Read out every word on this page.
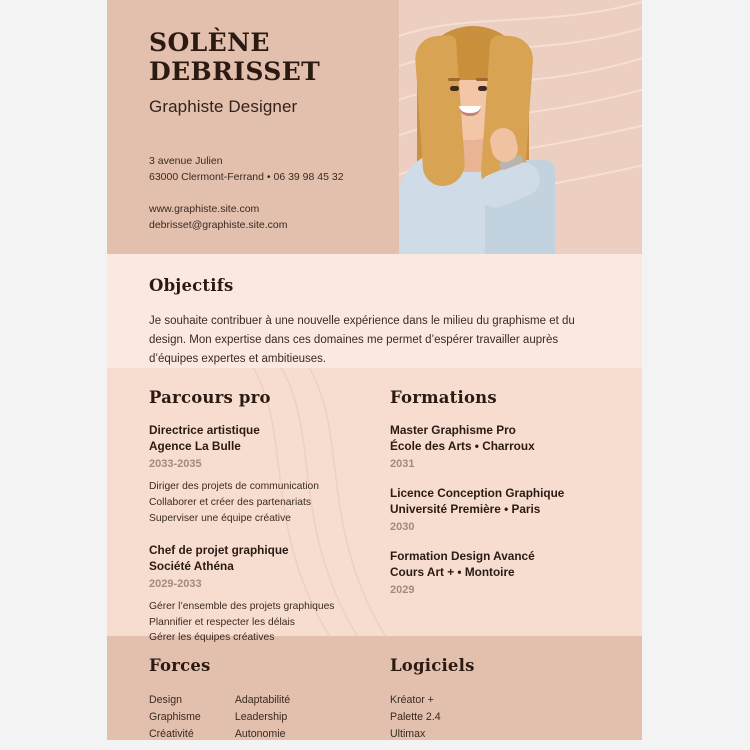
SOLÈNE
DEBRISSET
Graphiste Designer
3 avenue Julien
63000 Clermont-Ferrand • 06 39 98 45 32
www.graphiste.site.com
debrisset@graphiste.site.com
Objectifs
Je souhaite contribuer à une nouvelle expérience dans le milieu du graphisme et du design. Mon expertise dans ces domaines me permet d’espérer travailler auprès d’équipes expertes et ambitieuses.
Parcours pro
Directrice artistique
Agence La Bulle
2033-2035
Diriger des projets de communication
Collaborer et créer des partenariats
Superviser une équipe créative
Chef de projet graphique
Société Athéna
2029-2033
Gérer l’ensemble des projets graphiques
Plannifier et respecter les délais
Gérer les équipes créatives
Formations
Master Graphisme Pro
École des Arts • Charroux
2031
Licence Conception Graphique
Université Première • Paris
2030
Formation Design Avancé
Cours Art + • Montoire
2029
Forces
Design
Graphisme
Créativité
Adaptabilité
Leadership
Autonomie
Logiciels
Kréator +
Palette 2.4
Ultimax
